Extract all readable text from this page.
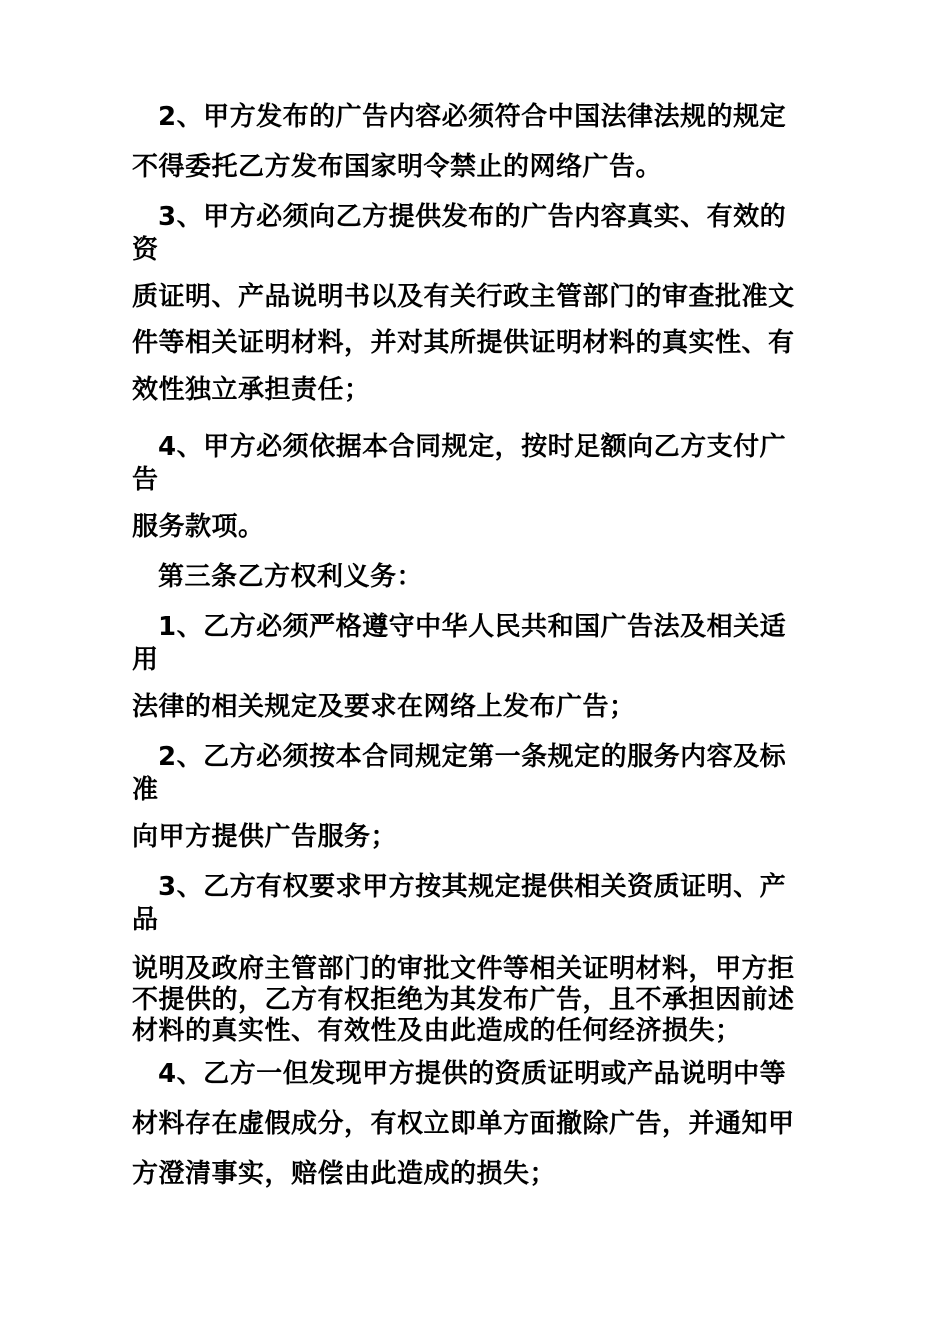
2、甲方发布的广告内容必须符合中国法律法规的规定
不得委托乙方发布国家明令禁止的网络广告。
3、甲方必须向乙方提供发布的广告内容真实、有效的
资
质证明、产品说明书以及有关行政主管部门的审查批准文
件等相关证明材料，并对其所提供证明材料的真实性、有
效性独立承担责任；
4、甲方必须依据本合同规定，按时足额向乙方支付广
告
服务款项。
第三条乙方权利义务：
1、乙方必须严格遵守中华人民共和国广告法及相关适
用
法律的相关规定及要求在网络上发布广告；
2、乙方必须按本合同规定第一条规定的服务内容及标
准
向甲方提供广告服务；
3、乙方有权要求甲方按其规定提供相关资质证明、产
品
说明及政府主管部门的审批文件等相关证明材料，甲方拒
不提供的，乙方有权拒绝为其发布广告，且不承担因前述
材料的真实性、有效性及由此造成的任何经济损失；
4、乙方一但发现甲方提供的资质证明或产品说明中等
材料存在虚假成分，有权立即单方面撤除广告，并通知甲
方澄清事实，赔偿由此造成的损失；
